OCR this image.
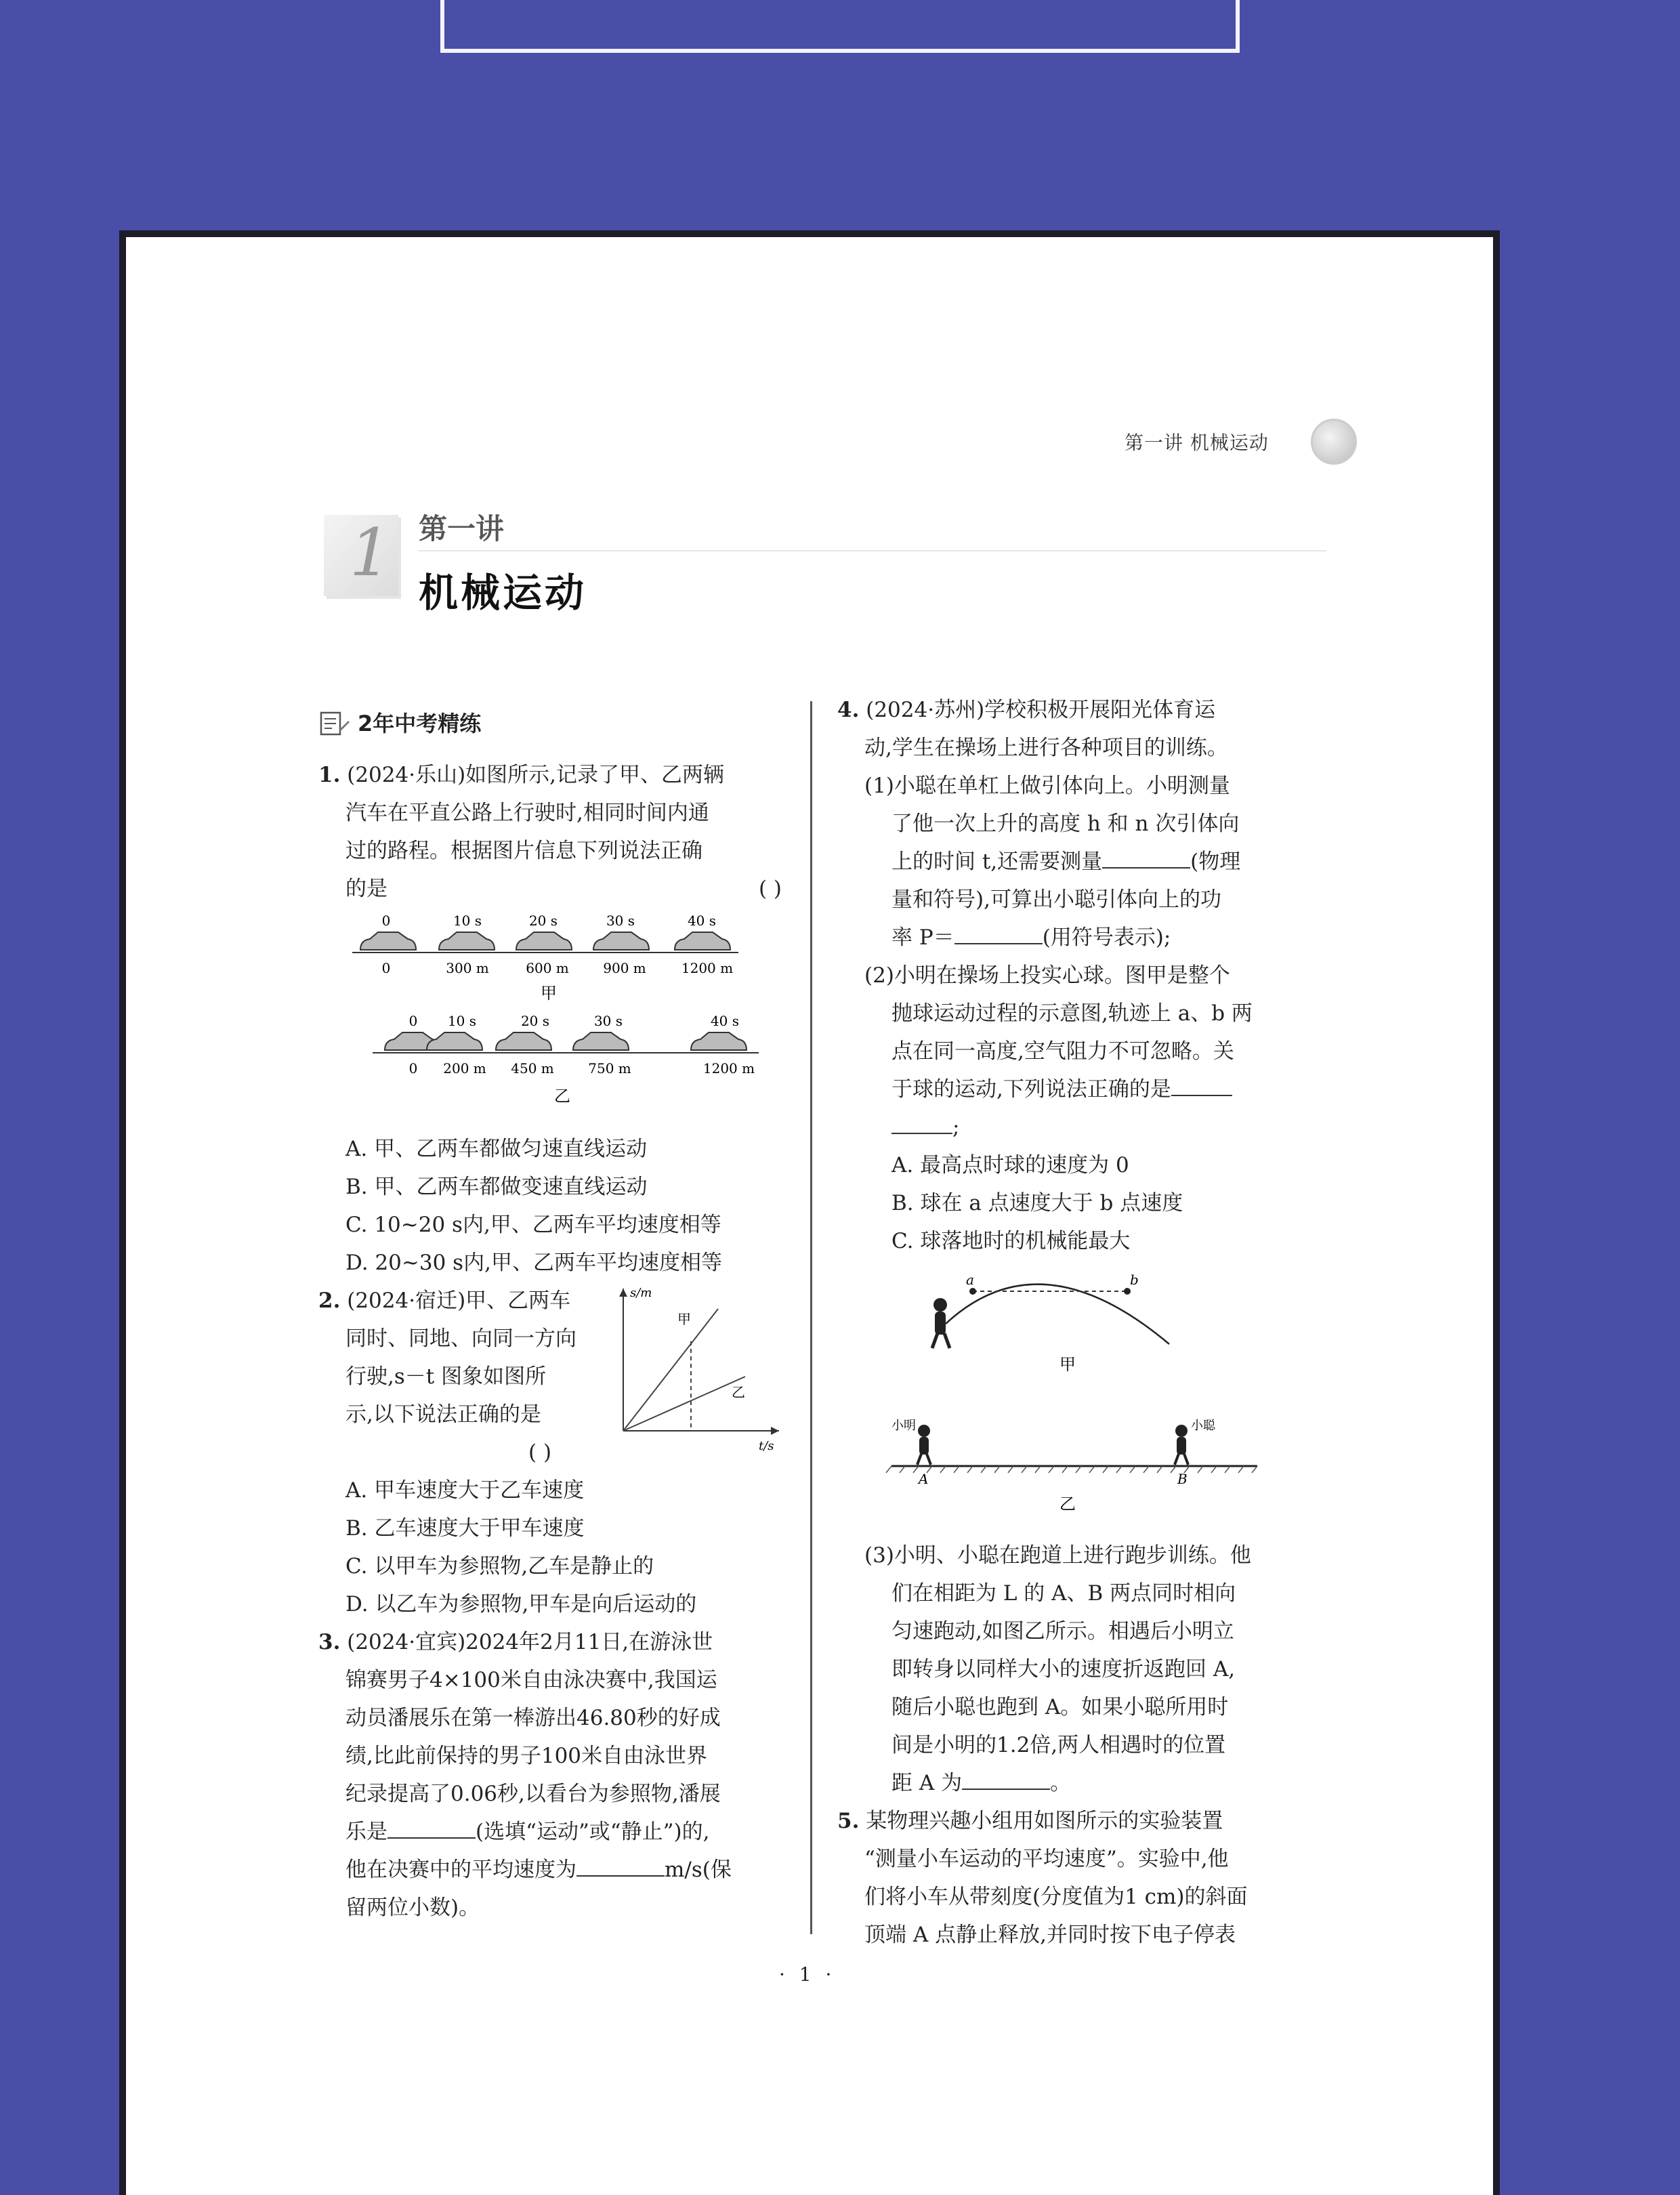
第一讲 机械运动
1 第一讲
机械运动
2年中考精练

1. (2024·乐山)如图所示,记录了甲、乙两辆

汽车在平直公路上行驶时,相同时间内通

过的路程。根据图片信息下列说法正确

的是	( )

0	10 s	20 s	30 s	40 s
0	300 m	600 m	900 m	1200 m
甲
0 10 s	20 s	30 s	40 s
0 200 m 450 m	750 m	1200 m
乙

A. 甲、乙两车都做匀速直线运动

B. 甲、乙两车都做变速直线运动

C. 10~20 s内,甲、乙两车平均速度相等

D. 20~30 s内,甲、乙两车平均速度相等

s/m
t/s
甲
乙

2. (2024·宿迁)甲、乙两车

同时、同地、向同一方向

行驶,s－t 图象如图所

示,以下说法正确的是

( )

A. 甲车速度大于乙车速度

B. 乙车速度大于甲车速度

C. 以甲车为参照物,乙车是静止的

D. 以乙车为参照物,甲车是向后运动的

3. (2024·宜宾)2024年2月11日,在游泳世

锦赛男子4×100米自由泳决赛中,我国运

动员潘展乐在第一棒游出46.80秒的好成

绩,比此前保持的男子100米自由泳世界

纪录提高了0.06秒,以看台为参照物,潘展

乐是	(选填“运动”或“静止”)的,

他在决赛中的平均速度为	m/s(保

留两位小数)。

4. (2024·苏州)学校积极开展阳光体育运

动,学生在操场上进行各种项目的训练。

(1)小聪在单杠上做引体向上。小明测量

了他一次上升的高度 h 和 n 次引体向

上的时间 t,还需要测量	(物理

量和符号),可算出小聪引体向上的功

率 P＝	(用符号表示);

(2)小明在操场上投实心球。图甲是整个

抛球运动过程的示意图,轨迹上 a、b 两

点在同一高度,空气阻力不可忽略。关

于球的运动,下列说法正确的是

;

A. 最高点时球的速度为 0

B. 球在 a 点速度大于 b 点速度

C. 球落地时的机械能最大

a	b
甲
小明	小聪
A	B
乙

(3)小明、小聪在跑道上进行跑步训练。他

们在相距为 L 的 A、B 两点同时相向

匀速跑动,如图乙所示。相遇后小明立

即转身以同样大小的速度折返跑回 A,

随后小聪也跑到 A。如果小聪所用时

间是小明的1.2倍,两人相遇时的位置

距 A 为	。

5. 某物理兴趣小组用如图所示的实验装置

“测量小车运动的平均速度”。实验中,他

们将小车从带刻度(分度值为1 cm)的斜面

顶端 A 点静止释放,并同时按下电子停表

· 1 ·
